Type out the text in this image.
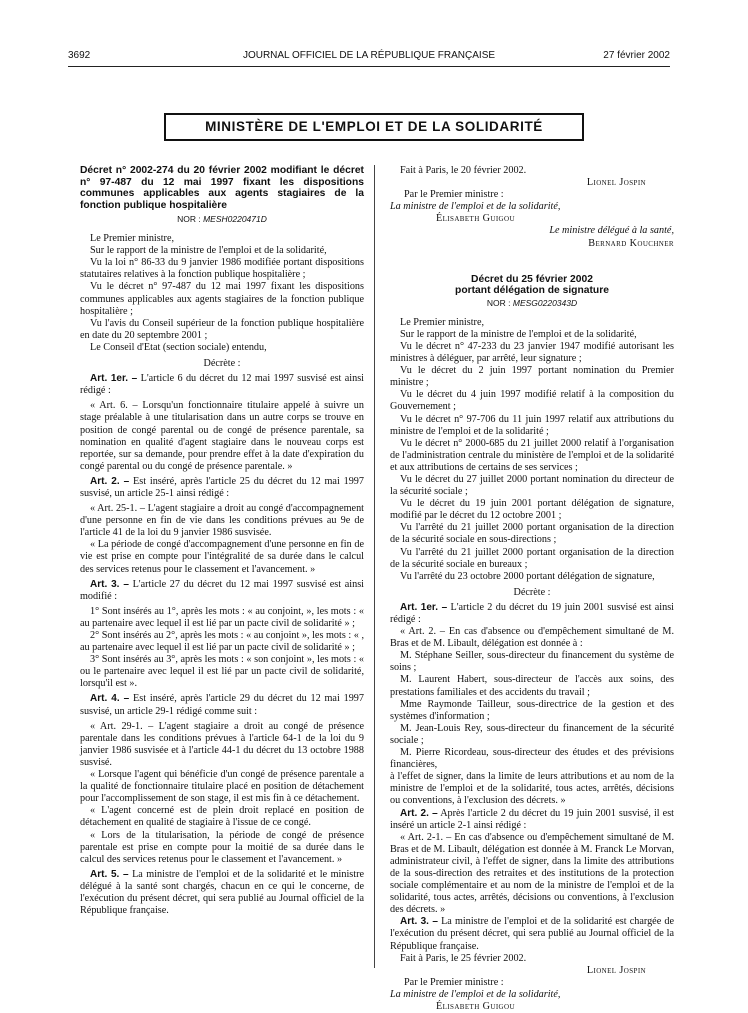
3692	JOURNAL OFFICIEL DE LA RÉPUBLIQUE FRANÇAISE	27 février 2002
MINISTÈRE DE L'EMPLOI ET DE LA SOLIDARITÉ
Décret n° 2002-274 du 20 février 2002 modifiant le décret n° 97-487 du 12 mai 1997 fixant les dispositions communes applicables aux agents stagiaires de la fonction publique hospitalière
NOR : MESH0220471D

Le Premier ministre,

Sur le rapport de la ministre de l'emploi et de la solidarité,

Vu la loi n° 86-33 du 9 janvier 1986 modifiée portant dispositions statutaires relatives à la fonction publique hospitalière ;

Vu le décret n° 97-487 du 12 mai 1997 fixant les dispositions communes applicables aux agents stagiaires de la fonction publique hospitalière ;

Vu l'avis du Conseil supérieur de la fonction publique hospitalière en date du 20 septembre 2001 ;

Le Conseil d'Etat (section sociale) entendu,

Décrète :

Art. 1er. – L'article 6 du décret du 12 mai 1997 susvisé est ainsi rédigé :

« Art. 6. – Lorsqu'un fonctionnaire titulaire appelé à suivre un stage préalable à une titularisation dans un autre corps se trouve en position de congé parental ou de congé de présence parentale, sa nomination en qualité d'agent stagiaire dans le nouveau corps est reportée, sur sa demande, pour prendre effet à la date d'expiration du congé parental ou du congé de présence parentale. »

Art. 2. – Est inséré, après l'article 25 du décret du 12 mai 1997 susvisé, un article 25-1 ainsi rédigé :

« Art. 25-1. – L'agent stagiaire a droit au congé d'accompagnement d'une personne en fin de vie dans les conditions prévues au 9e de l'article 41 de la loi du 9 janvier 1986 susvisée.

« La période de congé d'accompagnement d'une personne en fin de vie est prise en compte pour l'intégralité de sa durée dans le calcul des services retenus pour le classement et l'avancement. »

Art. 3. – L'article 27 du décret du 12 mai 1997 susvisé est ainsi modifié :

1° Sont insérés au 1°, après les mots : « au conjoint, », les mots : « au partenaire avec lequel il est lié par un pacte civil de solidarité » ;

2° Sont insérés au 2°, après les mots : « au conjoint », les mots : « , au partenaire avec lequel il est lié par un pacte civil de solidarité » ;

3° Sont insérés au 3°, après les mots : « son conjoint », les mots : « ou le partenaire avec lequel il est lié par un pacte civil de solidarité, lorsqu'il est ».

Art. 4. – Est inséré, après l'article 29 du décret du 12 mai 1997 susvisé, un article 29-1 rédigé comme suit :

« Art. 29-1. – L'agent stagiaire a droit au congé de présence parentale dans les conditions prévues à l'article 64-1 de la loi du 9 janvier 1986 susvisée et à l'article 44-1 du décret du 13 octobre 1988 susvisé.

« Lorsque l'agent qui bénéficie d'un congé de présence parentale a la qualité de fonctionnaire titulaire placé en position de détachement pour l'accomplissement de son stage, il est mis fin à ce détachement.

« L'agent concerné est de plein droit replacé en position de détachement en qualité de stagiaire à l'issue de ce congé.

« Lors de la titularisation, la période de congé de présence parentale est prise en compte pour la moitié de sa durée dans le calcul des services retenus pour le classement et l'avancement. »

Art. 5. – La ministre de l'emploi et de la solidarité et le ministre délégué à la santé sont chargés, chacun en ce qui le concerne, de l'exécution du présent décret, qui sera publié au Journal officiel de la République française.

Fait à Paris, le 20 février 2002.

Lionel Jospin

Par le Premier ministre :

La ministre de l'emploi et de la solidarité,

Élisabeth Guigou

Le ministre délégué à la santé,

Bernard Kouchner

Décret du 25 février 2002
portant délégation de signature
NOR : MESG0220343D

Le Premier ministre,

Sur le rapport de la ministre de l'emploi et de la solidarité,

Vu le décret n° 47-233 du 23 janvier 1947 modifié autorisant les ministres à déléguer, par arrêté, leur signature ;

Vu le décret du 2 juin 1997 portant nomination du Premier ministre ;

Vu le décret du 4 juin 1997 modifié relatif à la composition du Gouvernement ;

Vu le décret n° 97-706 du 11 juin 1997 relatif aux attributions du ministre de l'emploi et de la solidarité ;

Vu le décret n° 2000-685 du 21 juillet 2000 relatif à l'organisation de l'administration centrale du ministère de l'emploi et de la solidarité et aux attributions de certains de ses services ;

Vu le décret du 27 juillet 2000 portant nomination du directeur de la sécurité sociale ;

Vu le décret du 19 juin 2001 portant délégation de signature, modifié par le décret du 12 octobre 2001 ;

Vu l'arrêté du 21 juillet 2000 portant organisation de la direction de la sécurité sociale en sous-directions ;

Vu l'arrêté du 21 juillet 2000 portant organisation de la direction de la sécurité sociale en bureaux ;

Vu l'arrêté du 23 octobre 2000 portant délégation de signature,

Décrète :

Art. 1er. – L'article 2 du décret du 19 juin 2001 susvisé est ainsi rédigé :

« Art. 2. – En cas d'absence ou d'empêchement simultané de M. Bras et de M. Libault, délégation est donnée à :

M. Stéphane Seiller, sous-directeur du financement du système de soins ;

M. Laurent Habert, sous-directeur de l'accès aux soins, des prestations familiales et des accidents du travail ;

Mme Raymonde Tailleur, sous-directrice de la gestion et des systèmes d'information ;

M. Jean-Louis Rey, sous-directeur du financement de la sécurité sociale ;

M. Pierre Ricordeau, sous-directeur des études et des prévisions financières,

à l'effet de signer, dans la limite de leurs attributions et au nom de la ministre de l'emploi et de la solidarité, tous actes, arrêtés, décisions ou conventions, à l'exclusion des décrets. »

Art. 2. – Après l'article 2 du décret du 19 juin 2001 susvisé, il est inséré un article 2-1 ainsi rédigé :

« Art. 2-1. – En cas d'absence ou d'empêchement simultané de M. Bras et de M. Libault, délégation est donnée à M. Franck Le Morvan, administrateur civil, à l'effet de signer, dans la limite des attributions de la sous-direction des retraites et des institutions de la protection sociale complémentaire et au nom de la ministre de l'emploi et de la solidarité, tous actes, arrêtés, décisions ou conventions, à l'exclusion des décrets. »

Art. 3. – La ministre de l'emploi et de la solidarité est chargée de l'exécution du présent décret, qui sera publié au Journal officiel de la République française.

Fait à Paris, le 25 février 2002.

Lionel Jospin

Par le Premier ministre :

La ministre de l'emploi et de la solidarité,

Élisabeth Guigou
